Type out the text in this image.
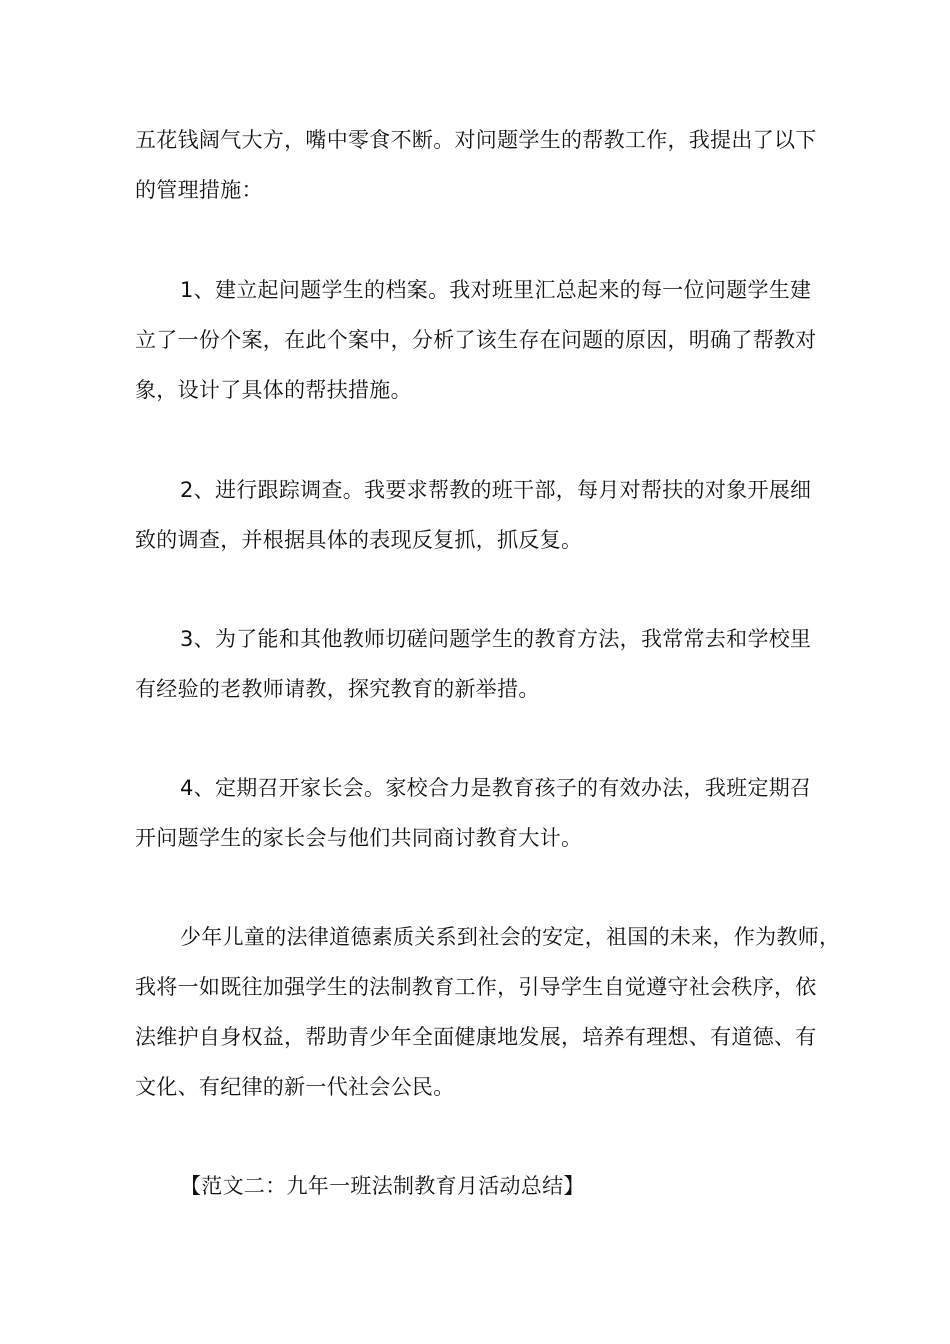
五花钱阔气大方，嘴中零食不断。对问题学生的帮教工作，我提出了以下
的管理措施：

1、建立起问题学生的档案。我对班里汇总起来的每一位问题学生建
立了一份个案，在此个案中，分析了该生存在问题的原因，明确了帮教对
象，设计了具体的帮扶措施。

2、进行跟踪调查。我要求帮教的班干部，每月对帮扶的对象开展细
致的调查，并根据具体的表现反复抓，抓反复。

3、为了能和其他教师切磋问题学生的教育方法，我常常去和学校里
有经验的老教师请教，探究教育的新举措。

4、定期召开家长会。家校合力是教育孩子的有效办法，我班定期召
开问题学生的家长会与他们共同商讨教育大计。

少年儿童的法律道德素质关系到社会的安定，祖国的未来，作为教师，
我将一如既往加强学生的法制教育工作，引导学生自觉遵守社会秩序，依
法维护自身权益，帮助青少年全面健康地发展，培养有理想、有道德、有
文化、有纪律的新一代社会公民。

【范文二：九年一班法制教育月活动总结】
